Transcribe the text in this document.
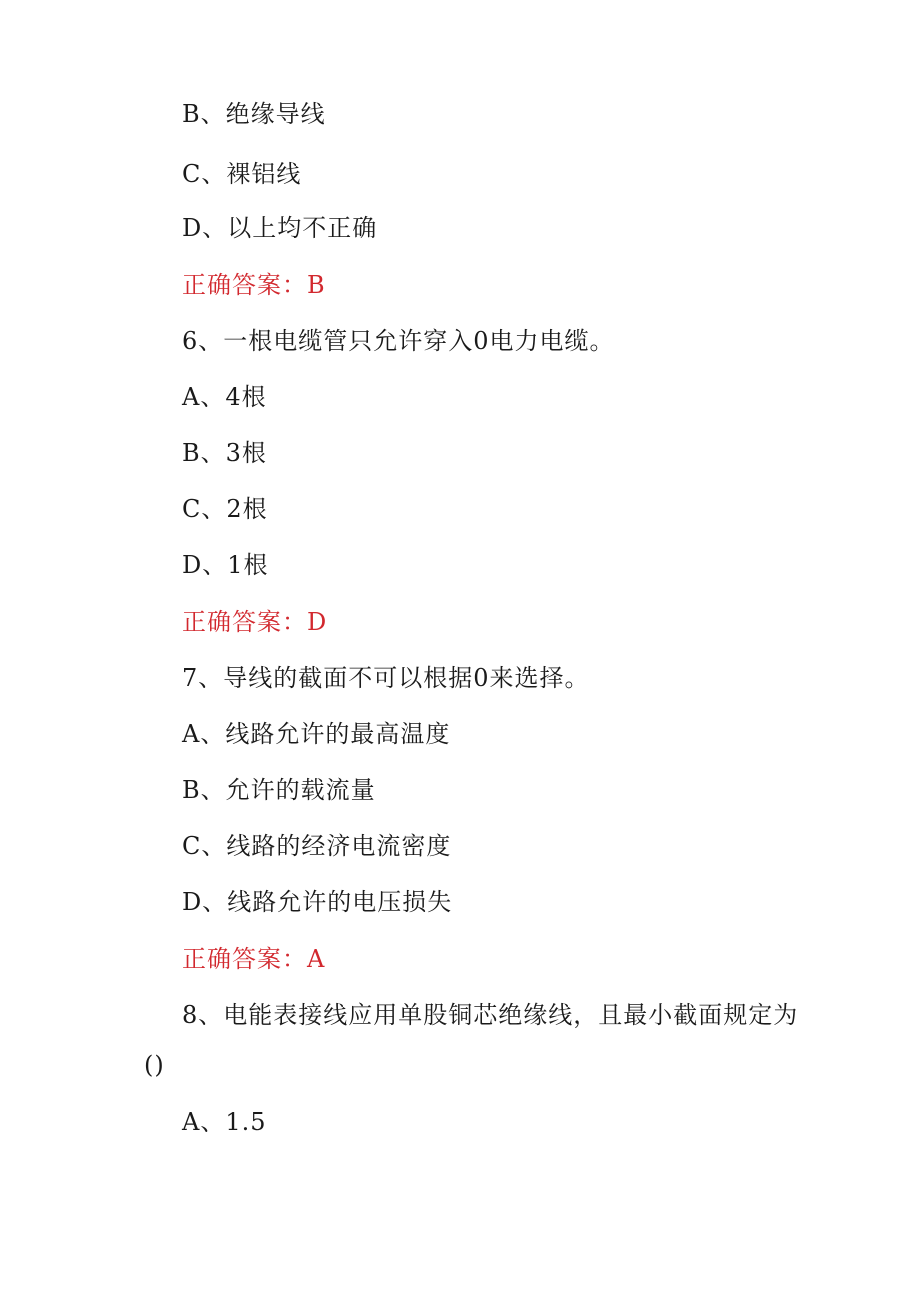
B、绝缘导线
C、裸铝线
D、以上均不正确
正确答案：B
6、一根电缆管只允许穿入0电力电缆。
A、4根
B、3根
C、2根
D、1根
正确答案：D
7、导线的截面不可以根据0来选择。
A、线路允许的最高温度
B、允许的载流量
C、线路的经济电流密度
D、线路允许的电压损失
正确答案：A
8、电能表接线应用单股铜芯绝缘线，且最小截面规定为
()
A、1.5
